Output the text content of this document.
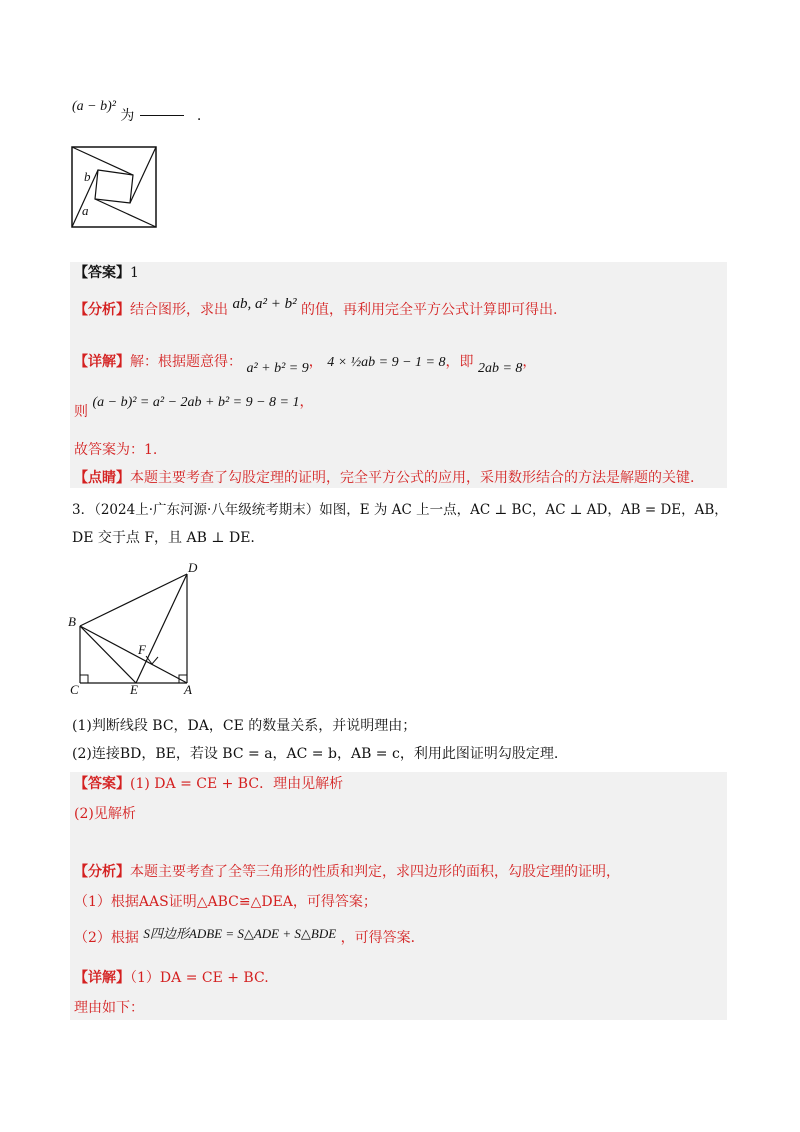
(a − b)² 为	.
b
a
【答案】1
【分析】结合图形，求出 ab, a² + b² 的值，再利用完全平方公式计算即可得出.
【详解】解：根据题意得： a² + b² = 9， 4 × ½ab = 9 − 1 = 8，即 2ab = 8，
则 (a − b)² = a² − 2ab + b² = 9 − 8 = 1，
故答案为：1.
【点睛】本题主要考查了勾股定理的证明，完全平方公式的应用，采用数形结合的方法是解题的关键.
3．（2024上·广东河源·八年级统考期末）如图，E 为 AC 上一点，AC ⊥ BC，AC ⊥ AD，AB = DE，AB，
DE 交于点 F，且 AB ⊥ DE.
D
B
F
C	E	A
(1)判断线段 BC，DA，CE 的数量关系，并说明理由；
(2)连接BD，BE，若设 BC = a，AC = b，AB = c，利用此图证明勾股定理.
【答案】(1) DA = CE + BC．理由见解析
(2)见解析
【分析】本题主要考查了全等三角形的性质和判定，求四边形的面积，勾股定理的证明，
（1）根据AAS证明△ABC≌△DEA，可得答案；
（2）根据 S四边形ADBE = S△ADE + S△BDE ，可得答案．
【详解】（1）DA = CE + BC.
理由如下：
